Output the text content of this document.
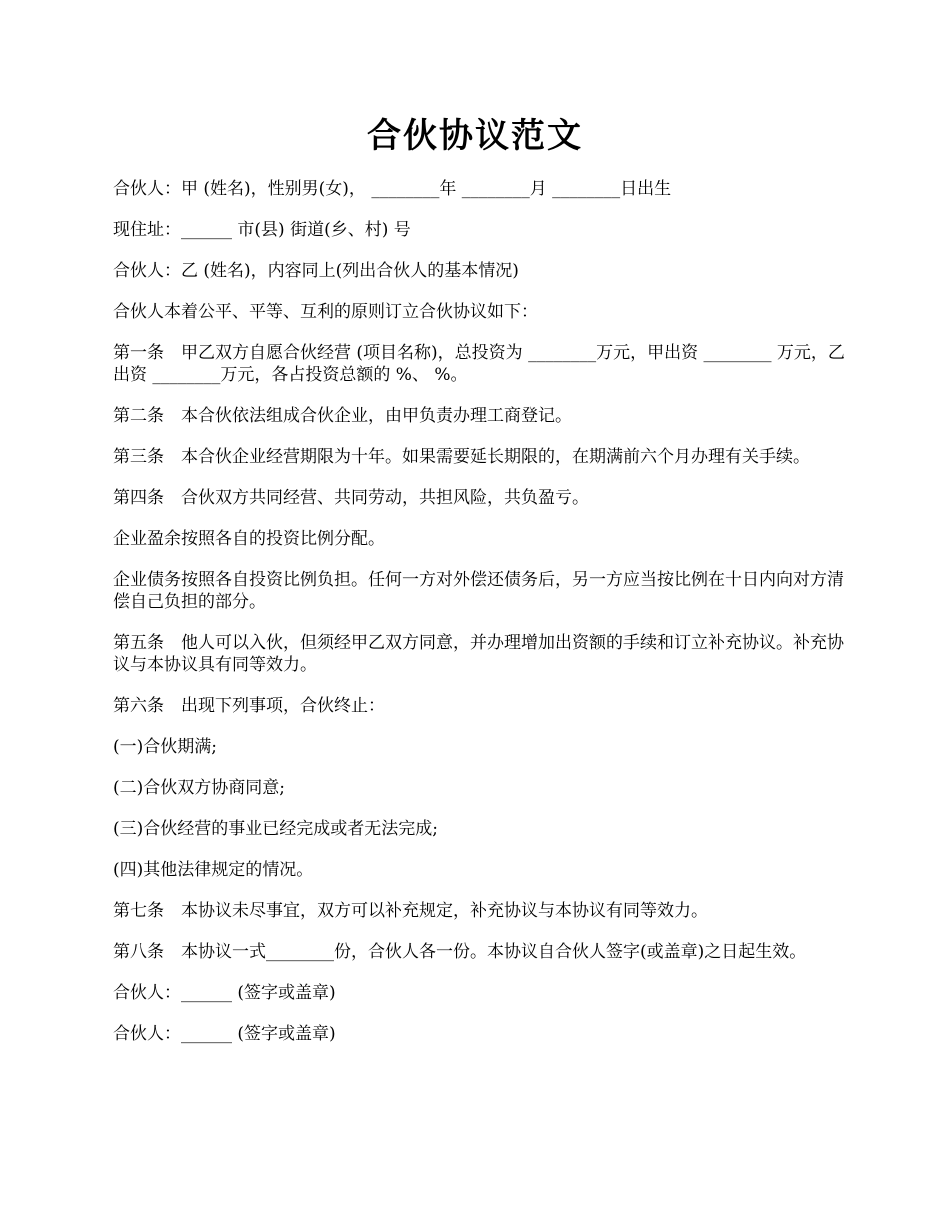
合伙协议范文

合伙人：甲 (姓名)，性别男(女)， ________年 ________月 ________日出生

现住址：______ 市(县) 街道(乡、村) 号

合伙人：乙 (姓名)，内容同上(列出合伙人的基本情况)

合伙人本着公平、平等、互利的原则订立合伙协议如下：

第一条　甲乙双方自愿合伙经营 (项目名称)，总投资为 ________万元，甲出资 ________ 万元，乙出资 ________万元，各占投资总额的 %、 %。

第二条　本合伙依法组成合伙企业，由甲负责办理工商登记。

第三条　本合伙企业经营期限为十年。如果需要延长期限的，在期满前六个月办理有关手续。

第四条　合伙双方共同经营、共同劳动，共担风险，共负盈亏。

企业盈余按照各自的投资比例分配。

企业债务按照各自投资比例负担。任何一方对外偿还债务后，另一方应当按比例在十日内向对方清偿自己负担的部分。

第五条　他人可以入伙，但须经甲乙双方同意，并办理增加出资额的手续和订立补充协议。补充协议与本协议具有同等效力。

第六条　出现下列事项，合伙终止：

(一)合伙期满;

(二)合伙双方协商同意;

(三)合伙经营的事业已经完成或者无法完成;

(四)其他法律规定的情况。

第七条　本协议未尽事宜，双方可以补充规定，补充协议与本协议有同等效力。

第八条　本协议一式________份，合伙人各一份。本协议自合伙人签字(或盖章)之日起生效。

合伙人：______ (签字或盖章)

合伙人：______ (签字或盖章)
